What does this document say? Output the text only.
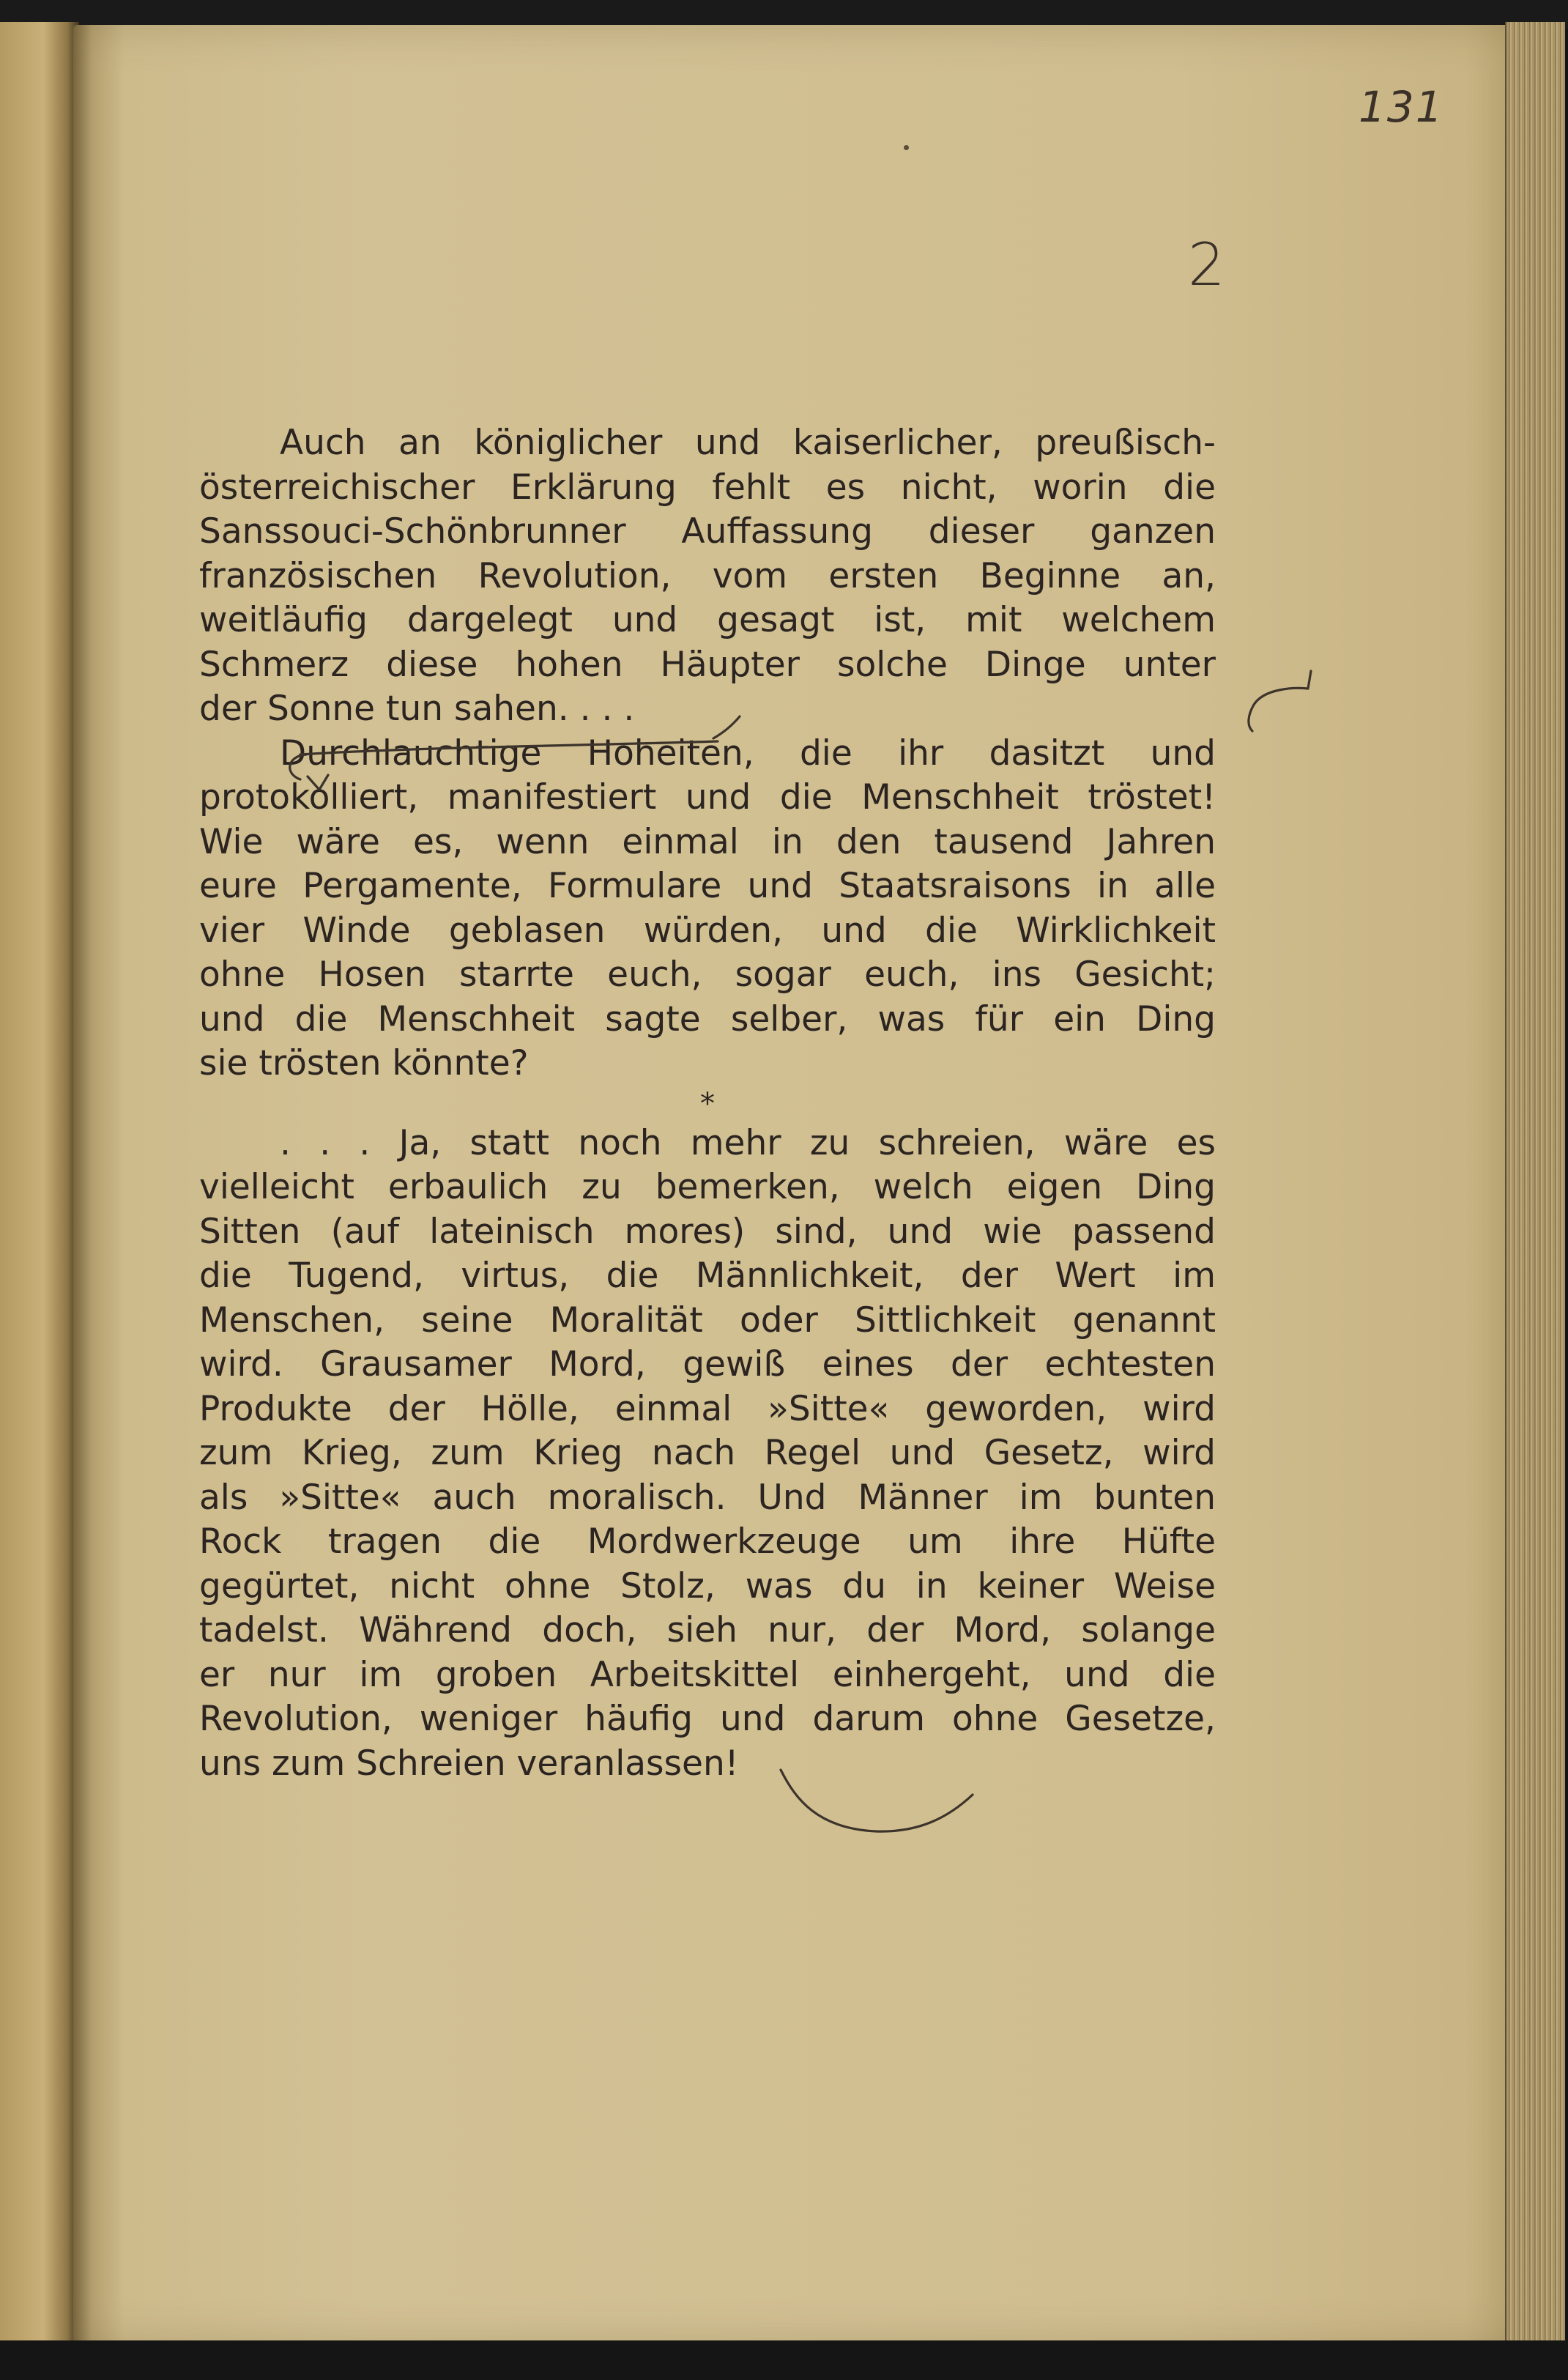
131
2
Auch an königlicher und kaiserlicher, preußisch-
österreichischer Erklärung fehlt es nicht, worin die
Sanssouci-Schönbrunner Auffassung dieser ganzen
französischen Revolution, vom ersten Beginne an,
weitläufig dargelegt und gesagt ist, mit welchem
Schmerz diese hohen Häupter solche Dinge unter
der Sonne tun sahen. . . .
Durchlauchtige Hoheiten, die ihr dasitzt und
protokolliert, manifestiert und die Menschheit tröstet!
Wie wäre es, wenn einmal in den tausend Jahren
eure Pergamente, Formulare und Staatsraisons in alle
vier Winde geblasen würden, und die Wirklichkeit
ohne Hosen starrte euch, sogar euch, ins Gesicht;
und die Menschheit sagte selber, was für ein Ding
sie trösten könnte?
*
. . . Ja, statt noch mehr zu schreien, wäre es
vielleicht erbaulich zu bemerken, welch eigen Ding
Sitten (auf lateinisch mores) sind, und wie passend
die Tugend, virtus, die Männlichkeit, der Wert im
Menschen, seine Moralität oder Sittlichkeit genannt
wird. Grausamer Mord, gewiß eines der echtesten
Produkte der Hölle, einmal »Sitte« geworden, wird
zum Krieg, zum Krieg nach Regel und Gesetz, wird
als »Sitte« auch moralisch. Und Männer im bunten
Rock tragen die Mordwerkzeuge um ihre Hüfte
gegürtet, nicht ohne Stolz, was du in keiner Weise
tadelst. Während doch, sieh nur, der Mord, solange
er nur im groben Arbeitskittel einhergeht, und die
Revolution, weniger häufig und darum ohne Gesetze,
uns zum Schreien veranlassen!
